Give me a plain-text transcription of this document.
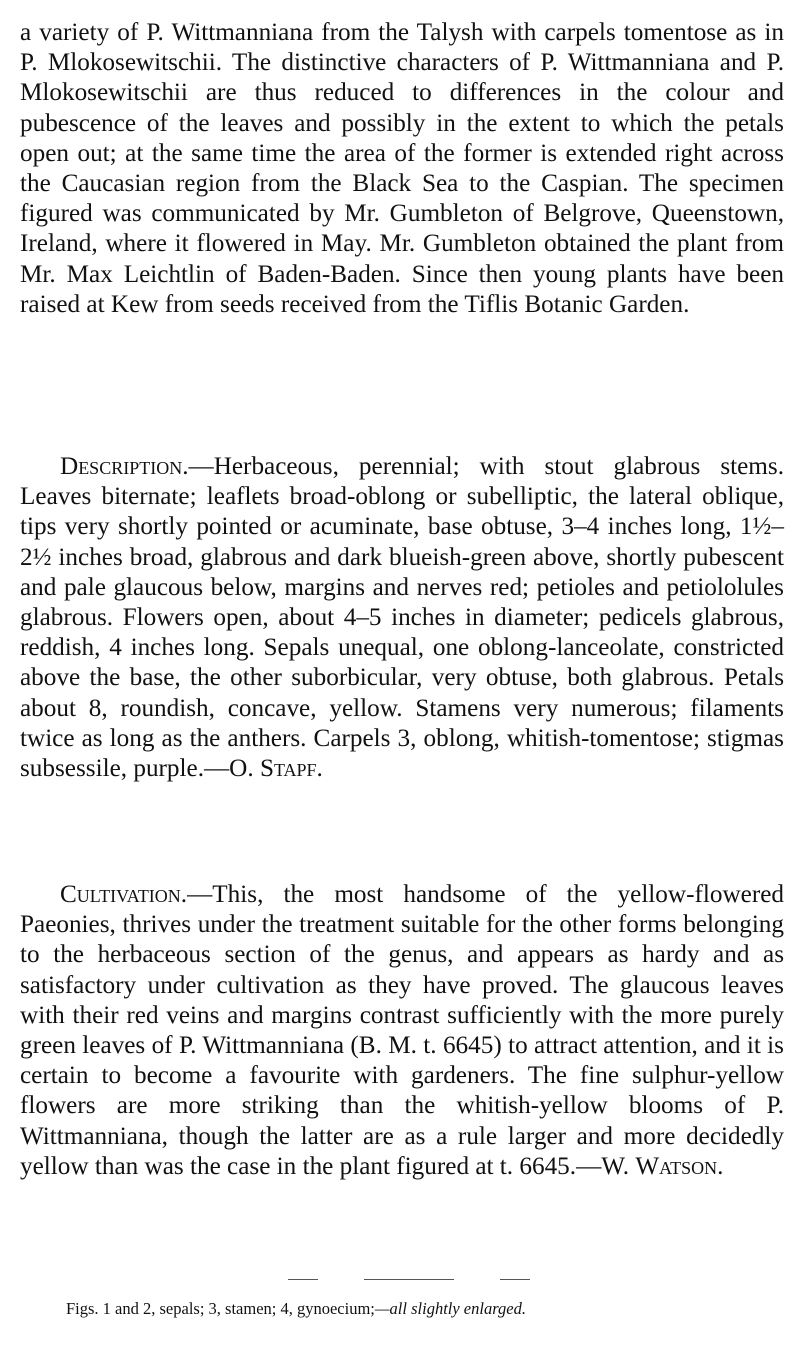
a variety of P. Wittmanniana from the Talysh with carpels tomentose as in P. Mlokosewitschii. The distinctive characters of P. Wittmanniana and P. Mlokosewitschii are thus reduced to differences in the colour and pubescence of the leaves and possibly in the extent to which the petals open out; at the same time the area of the former is extended right across the Caucasian region from the Black Sea to the Caspian. The specimen figured was communicated by Mr. Gumbleton of Belgrove, Queenstown, Ireland, where it flowered in May. Mr. Gumbleton obtained the plant from Mr. Max Leichtlin of Baden-Baden. Since then young plants have been raised at Kew from seeds received from the Tiflis Botanic Garden.

Description.—Herbaceous, perennial; with stout glabrous stems. Leaves biternate; leaflets broad-oblong or subelliptic, the lateral oblique, tips very shortly pointed or acuminate, base obtuse, 3–4 inches long, 1½–2½ inches broad, glabrous and dark blueish-green above, shortly pubescent and pale glaucous below, margins and nerves red; petioles and petiololules glabrous. Flowers open, about 4–5 inches in diameter; pedicels glabrous, reddish, 4 inches long. Sepals unequal, one oblong-lanceolate, constricted above the base, the other suborbicular, very obtuse, both glabrous. Petals about 8, roundish, concave, yellow. Stamens very numerous; filaments twice as long as the anthers. Carpels 3, oblong, whitish-tomentose; stigmas subsessile, purple.—O. Stapf.

Cultivation.—This, the most handsome of the yellow-flowered Paeonies, thrives under the treatment suitable for the other forms belonging to the herbaceous section of the genus, and appears as hardy and as satisfactory under cultivation as they have proved. The glaucous leaves with their red veins and margins contrast sufficiently with the more purely green leaves of P. Wittmanniana (B. M. t. 6645) to attract attention, and it is certain to become a favourite with gardeners. The fine sulphur-yellow flowers are more striking than the whitish-yellow blooms of P. Wittmanniana, though the latter are as a rule larger and more decidedly yellow than was the case in the plant figured at t. 6645.—W. Watson.

Figs. 1 and 2, sepals; 3, stamen; 4, gynoecium;—all slightly enlarged.
